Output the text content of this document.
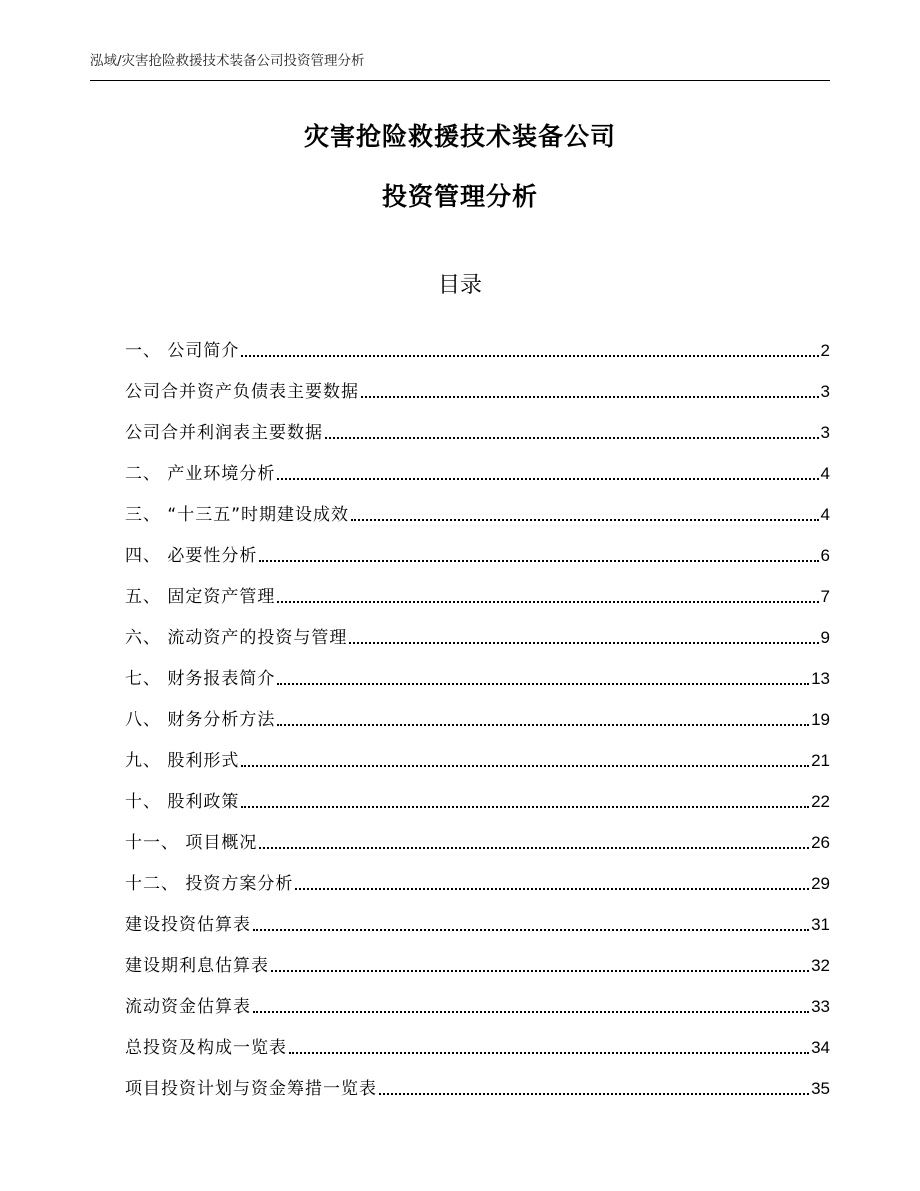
泓域/灾害抢险救援技术装备公司投资管理分析
灾害抢险救援技术装备公司
投资管理分析
目录
一、 公司简介	2
公司合并资产负债表主要数据	3
公司合并利润表主要数据	3
二、 产业环境分析	4
三、 “十三五”时期建设成效	4
四、 必要性分析	6
五、 固定资产管理	7
六、 流动资产的投资与管理	9
七、 财务报表简介	13
八、 财务分析方法	19
九、 股利形式	21
十、 股利政策	22
十一、 项目概况	26
十二、 投资方案分析	29
建设投资估算表	31
建设期利息估算表	32
流动资金估算表	33
总投资及构成一览表	34
项目投资计划与资金筹措一览表	35
